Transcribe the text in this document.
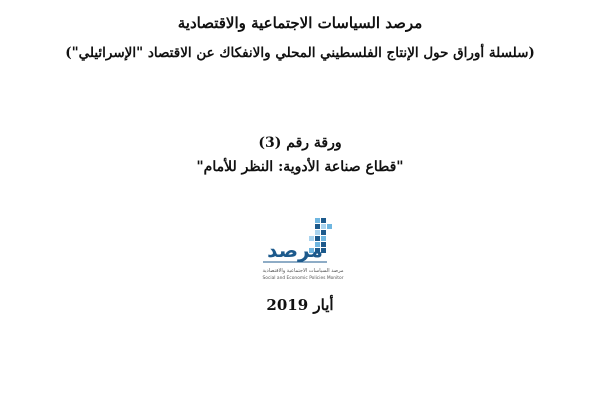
مرصد السياسات الاجتماعية والاقتصادية
(سلسلة أوراق حول الإنتاج الفلسطيني المحلي والانفكاك عن الاقتصاد "الإسرائيلي")
ورقة رقم (3)
"قطاع صناعة الأدوية: النظر للأمام"
مرصد
مرصد السياسات الاجتماعية والاقتصادية
Social and Economic Policies Monitor
أيار 2019
